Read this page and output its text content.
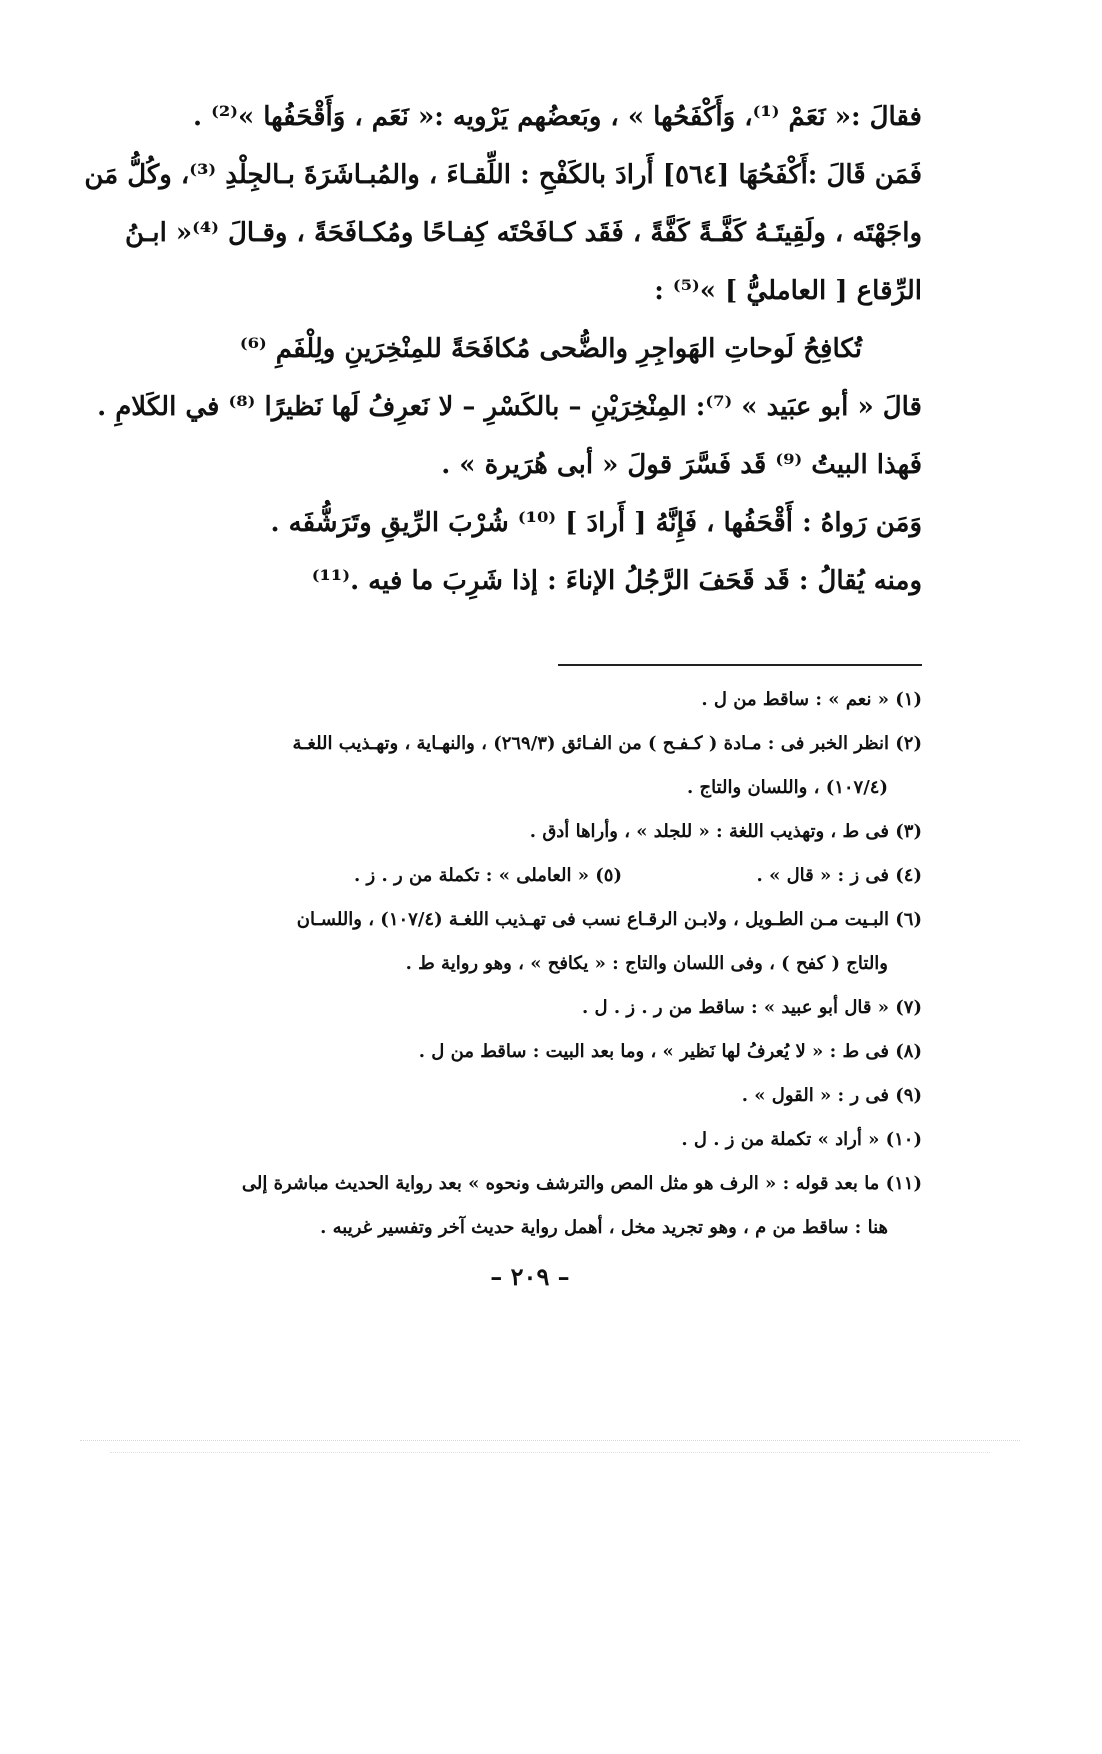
فقالَ :« نَعَمْ ⁽¹⁾، وَأَكْفَحُها » ، وبَعضُهم يَرْويه :« نَعَم ، وَأَقْحَفُها »⁽²⁾ .
فَمَن قَالَ :أَكْفَحُهَا [٥٦٤] أَرادَ بالكَفْحِ : اللِّقـاءَ ، والمُبـاشَرَةَ بـالجِلْدِ ⁽³⁾، وكُلُّ مَن
واجَهْتَه ، ولَقِيتَـهُ كَفَّـةً كَفَّةً ، فَقَد كـافَحْتَه كِفـاحًا ومُكـافَحَةً ، وقـالَ ⁽⁴⁾« ابـنُ
الرِّقاع [ العامليُّ ] »⁽⁵⁾ :
تُكافِحُ لَوحاتِ الهَواجِرِ والضُّحى مُكافَحَةً للمِنْخِرَينِ ولِلْفَمِ ⁽⁶⁾
قالَ « أبو عبَيد » ⁽⁷⁾: المِنْخِرَيْنِ – بالكَسْرِ – لا نَعرِفُ لَها نَظيرًا ⁽⁸⁾ في الكَلامِ .
فَهذا البيتُ ⁽⁹⁾ قَد فَسَّرَ قولَ « أبى هُرَيرة » .
وَمَن رَواهُ : أَقْحَفُها ، فَإِنَّهُ [ أَرادَ ] ⁽¹⁰⁾ شُرْبَ الرِّيقِ وتَرَشُّفَه .
ومنه يُقالُ : قَد قَحَفَ الرَّجُلُ الإناءَ : إذا شَرِبَ ما فيه .⁽¹¹⁾
(١) « نعم » : ساقط من ل .
(٢) انظر الخبر فى : مـادة ( كـفـح ) من الفـائق (٢٦٩/٣) ، والنهـاية ، وتهـذيب اللغـة
(١٠٧/٤) ، واللسان والتاج .
(٣) فى ط ، وتهذيب اللغة : « للجلد » ، وأراها أدق .
(٤) فى ز : « قال » .
(٥) « العاملى » : تكملة من ر . ز .
(٦) البـيت مـن الطـويل ، ولابـن الرقـاع نسب فى تهـذيب اللغـة (١٠٧/٤) ، واللسـان
والتاج ( كفح ) ، وفى اللسان والتاج : « يكافح » ، وهو رواية ط .
(٧) « قال أبو عبيد » : ساقط من ر . ز . ل .
(٨) فى ط : « لا يُعرفُ لها نَظير » ، وما بعد البيت : ساقط من ل .
(٩) فى ر : « القول » .
(١٠) « أراد » تكملة من ز . ل .
(١١) ما بعد قوله : « الرف هو مثل المص والترشف ونحوه » بعد رواية الحديث مباشرة إلى
هنا : ساقط من م ، وهو تجريد مخل ، أهمل رواية حديث آخر وتفسير غريبه .
– ٢٠٩ –
